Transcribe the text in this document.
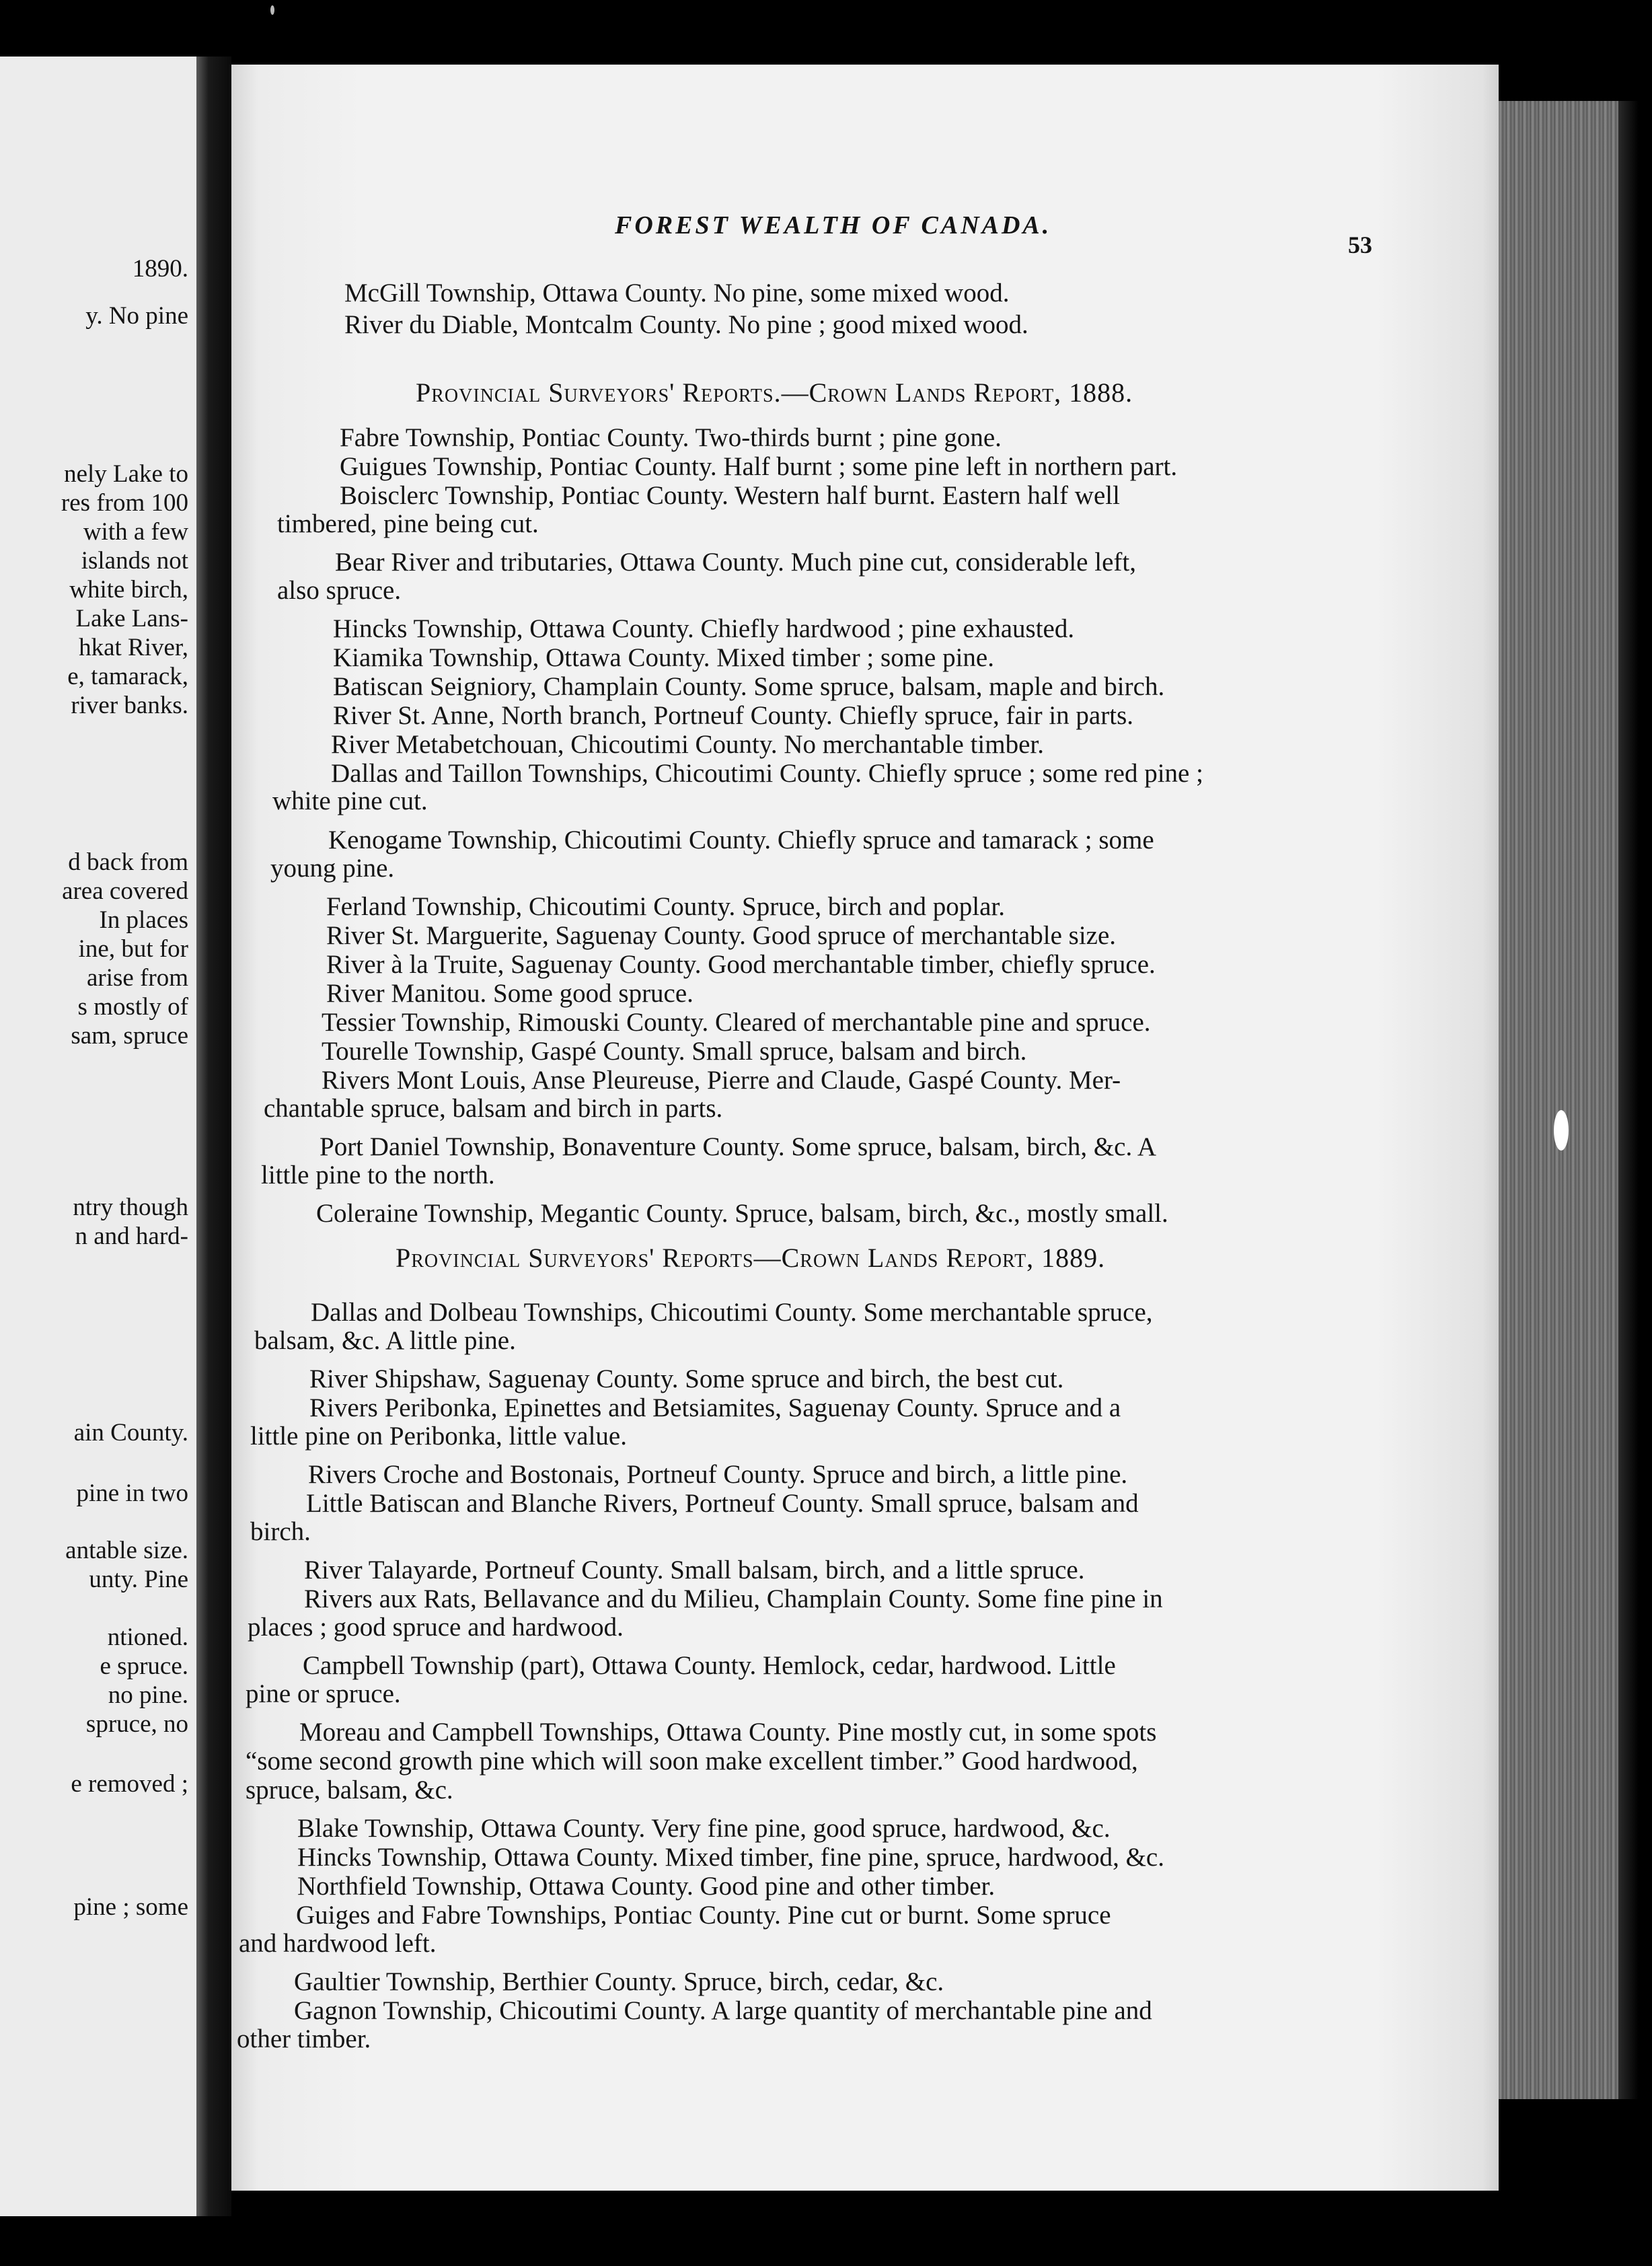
1890.
y. No pine
nely Lake to
res from 100
with a few
islands not
white birch,
Lake Lans-
hkat River,
e, tamarack,
river banks.
d back from
area covered
In places
ine, but for
arise from
s mostly of
sam, spruce
ntry though
n and hard-
ain County.
pine in two
antable size.
unty. Pine
ntioned.
e spruce.
no pine.
spruce, no
e removed ;
pine ; some
FOREST WEALTH OF CANADA.
53
McGill Township, Ottawa County. No pine, some mixed wood.
River du Diable, Montcalm County. No pine ; good mixed wood.
Provincial Surveyors' Reports.—Crown Lands Report, 1888.
Fabre Township, Pontiac County. Two-thirds burnt ; pine gone.
Guigues Township, Pontiac County. Half burnt ; some pine left in northern part.
Boisclerc Township, Pontiac County. Western half burnt. Eastern half well
timbered, pine being cut.
Bear River and tributaries, Ottawa County. Much pine cut, considerable left,
also spruce.
Hincks Township, Ottawa County. Chiefly hardwood ; pine exhausted.
Kiamika Township, Ottawa County. Mixed timber ; some pine.
Batiscan Seigniory, Champlain County. Some spruce, balsam, maple and birch.
River St. Anne, North branch, Portneuf County. Chiefly spruce, fair in parts.
River Metabetchouan, Chicoutimi County. No merchantable timber.
Dallas and Taillon Townships, Chicoutimi County. Chiefly spruce ; some red pine ;
white pine cut.
Kenogame Township, Chicoutimi County. Chiefly spruce and tamarack ; some
young pine.
Ferland Township, Chicoutimi County. Spruce, birch and poplar.
River St. Marguerite, Saguenay County. Good spruce of merchantable size.
River à la Truite, Saguenay County. Good merchantable timber, chiefly spruce.
River Manitou. Some good spruce.
Tessier Township, Rimouski County. Cleared of merchantable pine and spruce.
Tourelle Township, Gaspé County. Small spruce, balsam and birch.
Rivers Mont Louis, Anse Pleureuse, Pierre and Claude, Gaspé County. Mer-
chantable spruce, balsam and birch in parts.
Port Daniel Township, Bonaventure County. Some spruce, balsam, birch, &c. A
little pine to the north.
Coleraine Township, Megantic County. Spruce, balsam, birch, &c., mostly small.
Provincial Surveyors' Reports—Crown Lands Report, 1889.
Dallas and Dolbeau Townships, Chicoutimi County. Some merchantable spruce,
balsam, &c. A little pine.
River Shipshaw, Saguenay County. Some spruce and birch, the best cut.
Rivers Peribonka, Epinettes and Betsiamites, Saguenay County. Spruce and a
little pine on Peribonka, little value.
Rivers Croche and Bostonais, Portneuf County. Spruce and birch, a little pine.
Little Batiscan and Blanche Rivers, Portneuf County. Small spruce, balsam and
birch.
River Talayarde, Portneuf County. Small balsam, birch, and a little spruce.
Rivers aux Rats, Bellavance and du Milieu, Champlain County. Some fine pine in
places ; good spruce and hardwood.
Campbell Township (part), Ottawa County. Hemlock, cedar, hardwood. Little
pine or spruce.
Moreau and Campbell Townships, Ottawa County. Pine mostly cut, in some spots
“some second growth pine which will soon make excellent timber.” Good hardwood,
spruce, balsam, &c.
Blake Township, Ottawa County. Very fine pine, good spruce, hardwood, &c.
Hincks Township, Ottawa County. Mixed timber, fine pine, spruce, hardwood, &c.
Northfield Township, Ottawa County. Good pine and other timber.
Guiges and Fabre Townships, Pontiac County. Pine cut or burnt. Some spruce
and hardwood left.
Gaultier Township, Berthier County. Spruce, birch, cedar, &c.
Gagnon Township, Chicoutimi County. A large quantity of merchantable pine and
other timber.
